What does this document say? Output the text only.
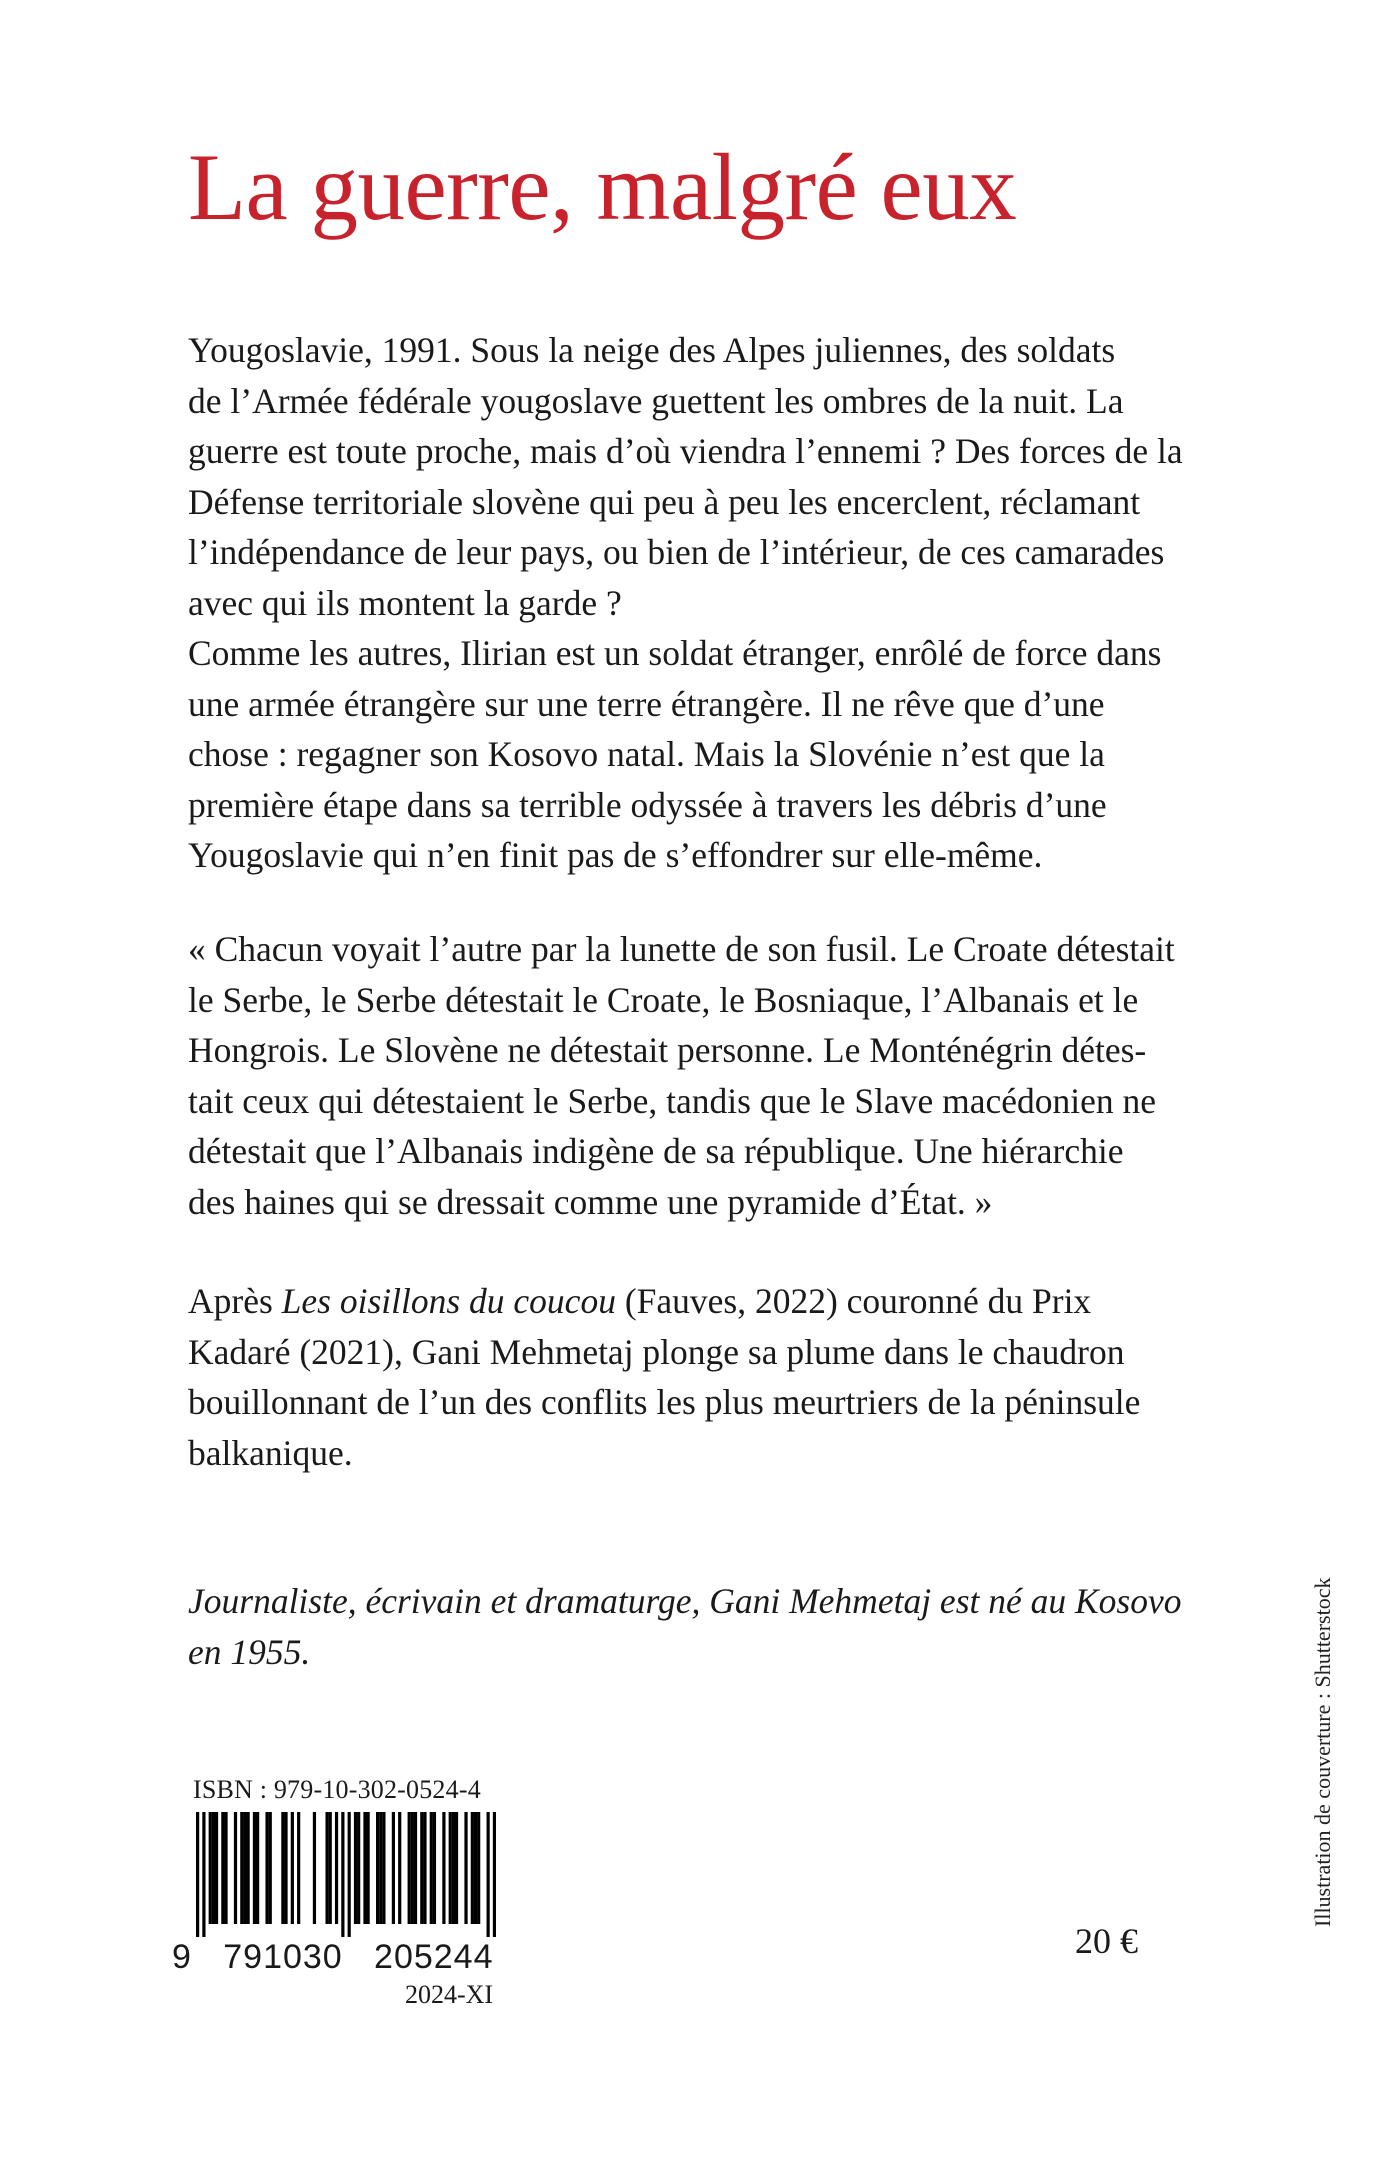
La guerre, malgré eux

Yougoslavie, 1991. Sous la neige des Alpes juliennes, des soldats
de l’Armée fédérale yougoslave guettent les ombres de la nuit. La
guerre est toute proche, mais d’où viendra l’ennemi ? Des forces de la
Défense territoriale slovène qui peu à peu les encerclent, réclamant
l’indépendance de leur pays, ou bien de l’intérieur, de ces camarades
avec qui ils montent la garde ?
Comme les autres, Ilirian est un soldat étranger, enrôlé de force dans
une armée étrangère sur une terre étrangère. Il ne rêve que d’une
chose : regagner son Kosovo natal. Mais la Slovénie n’est que la
première étape dans sa terrible odyssée à travers les débris d’une
Yougoslavie qui n’en finit pas de s’effondrer sur elle-même.

« Chacun voyait l’autre par la lunette de son fusil. Le Croate détestait
le Serbe, le Serbe détestait le Croate, le Bosniaque, l’Albanais et le
Hongrois. Le Slovène ne détestait personne. Le Monténégrin détes-
tait ceux qui détestaient le Serbe, tandis que le Slave macédonien ne
détestait que l’Albanais indigène de sa république. Une hiérarchie
des haines qui se dressait comme une pyramide d’État. »

Après Les oisillons du coucou (Fauves, 2022) couronné du Prix
Kadaré (2021), Gani Mehmetaj plonge sa plume dans le chaudron
bouillonnant de l’un des conflits les plus meurtriers de la péninsule
balkanique.

Journaliste, écrivain et dramaturge, Gani Mehmetaj est né au Kosovo
en 1955.

ISBN : 979-10-302-0524-4
9   791030   205244
2024-XI
20 €
Illustration de couverture : Shutterstock
